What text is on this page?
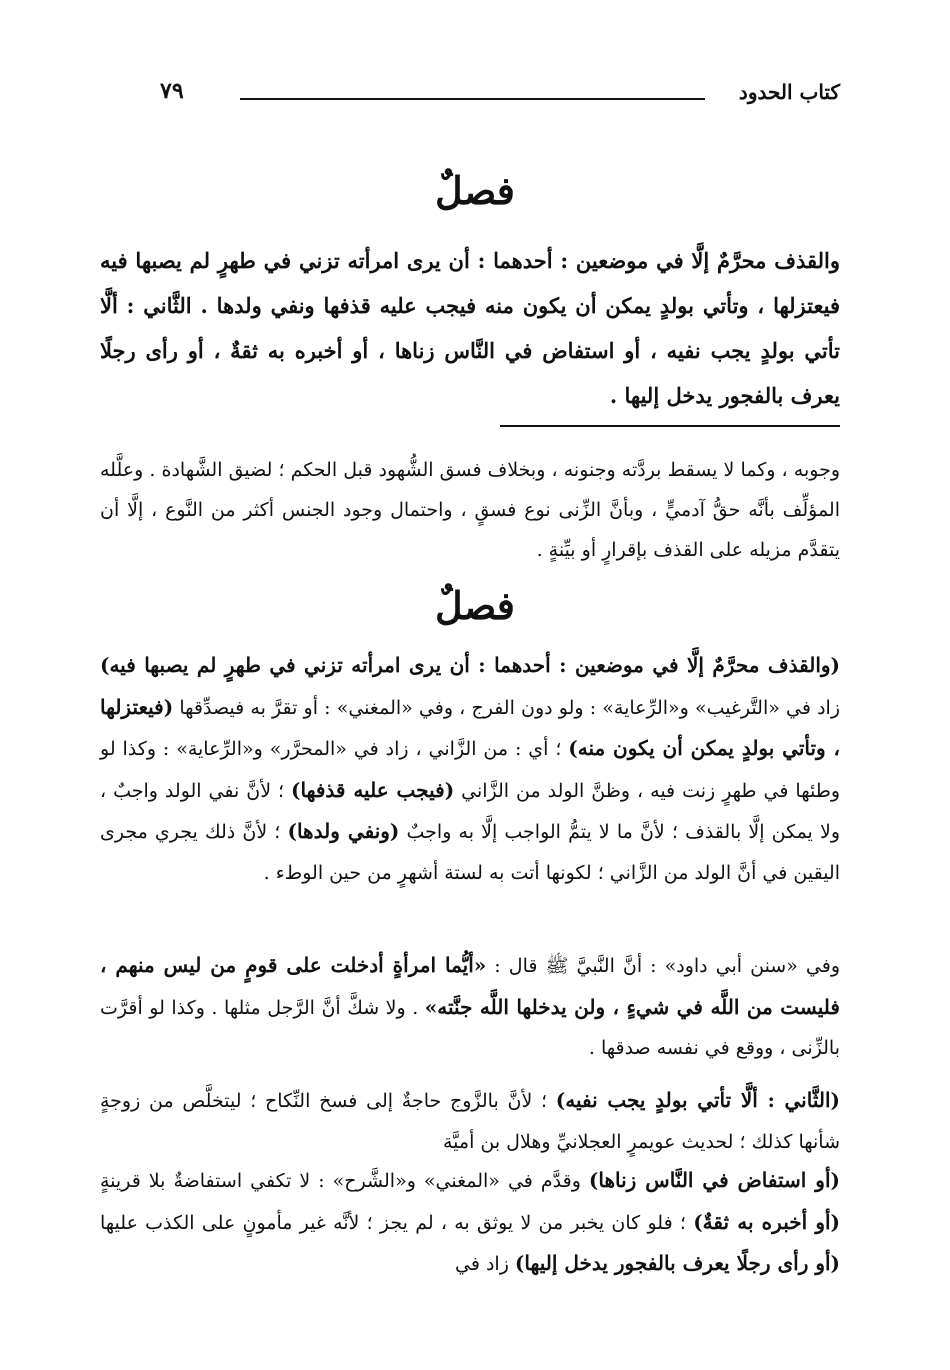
كتاب الحدود
٧٩
فصلٌ

والقذف محرَّمٌ إلَّا في موضعين : أحدهما : أن يرى امرأته تزني في طهرٍ لم يصبها فيه فيعتزلها ، وتأتي بولدٍ يمكن أن يكون منه فيجب عليه قذفها ونفي ولدها . الثَّاني : ألَّا تأتي بولدٍ يجب نفيه ، أو استفاض في النَّاس زناها ، أو أخبره به ثقةٌ ، أو رأى رجلًا يعرف بالفجور يدخل إليها .

وجوبه ، وكما لا يسقط بردَّته وجنونه ، وبخلاف فسق الشُّهود قبل الحكم ؛ لضيق الشَّهادة . وعلَّله المؤلِّف بأنَّه حقُّ آدميٍّ ، وبأنَّ الزِّنى نوع فسقٍ ، واحتمال وجود الجنس أكثر من النَّوع ، إلَّا أن يتقدَّم مزيله على القذف بإقرارٍ أو بيِّنةٍ .

فصلٌ

(والقذف محرَّمٌ إلَّا في موضعين : أحدهما : أن يرى امرأته تزني في طهرٍ لم يصبها فيه) زاد في «التَّرغيب» و«الرِّعاية» : ولو دون الفرج ، وفي «المغني» : أو تقرَّ به فيصدِّقها (فيعتزلها ، وتأتي بولدٍ يمكن أن يكون منه) ؛ أي : من الزَّاني ، زاد في «المحرَّر» و«الرِّعاية» : وكذا لو وطئها في طهرٍ زنت فيه ، وظنَّ الولد من الزَّاني (فيجب عليه قذفها) ؛ لأنَّ نفي الولد واجبٌ ، ولا يمكن إلَّا بالقذف ؛ لأنَّ ما لا يتمُّ الواجب إلَّا به واجبٌ (ونفي ولدها) ؛ لأنَّ ذلك يجري مجرى اليقين في أنَّ الولد من الزَّاني ؛ لكونها أتت به لستة أشهرٍ من حين الوطء .

وفي «سنن أبي داود» : أنَّ النَّبيَّ ﷺ قال : «أيُّما امرأةٍ أدخلت على قومٍ من ليس منهم ، فليست من اللَّه في شيءٍ ، ولن يدخلها اللَّه جنَّته» . ولا شكَّ أنَّ الرَّجل مثلها . وكذا لو أقرَّت بالزِّنى ، ووقع في نفسه صدقها .

(الثَّاني : ألَّا تأتي بولدٍ يجب نفيه) ؛ لأنَّ بالزَّوج حاجةٌ إلى فسخ النِّكاح ؛ ليتخلَّص من زوجةٍ شأنها كذلك ؛ لحديث عويمرٍ العجلانيِّ وهلال بن أميَّة

(أو استفاض في النَّاس زناها) وقدَّم في «المغني» و«الشَّرح» : لا تكفي استفاضةٌ بلا قرينةٍ (أو أخبره به ثقةٌ) ؛ فلو كان يخبر من لا يوثق به ، لم يجز ؛ لأنَّه غير مأمونٍ على الكذب عليها (أو رأى رجلًا يعرف بالفجور يدخل إليها) زاد في
